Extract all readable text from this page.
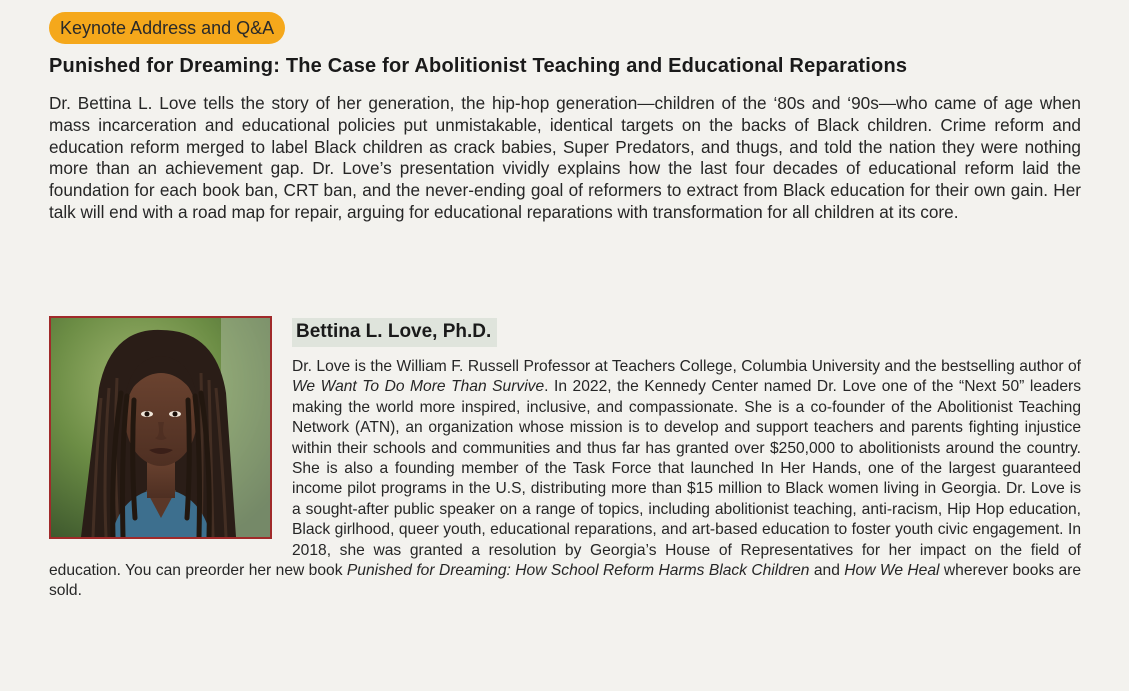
Keynote Address and Q&A
Punished for Dreaming: The Case for Abolitionist Teaching and Educational Reparations

Dr. Bettina L. Love tells the story of her generation, the hip-hop generation—children of the ‘80s and ‘90s—who came of age when mass incarceration and educational policies put unmistakable, identical targets on the backs of Black children. Crime reform and education reform merged to label Black children as crack babies, Super Predators, and thugs, and told the nation they were nothing more than an achievement gap. Dr. Love’s presentation vividly explains how the last four decades of educational reform laid the foundation for each book ban, CRT ban, and the never-ending goal of reformers to extract from Black education for their own gain. Her talk will end with a road map for repair, arguing for educational reparations with transformation for all children at its core.

Bettina L. Love, Ph.D.
Dr. Love is the William F. Russell Professor at Teachers College, Columbia University and the bestselling author of We Want To Do More Than Survive. In 2022, the Kennedy Center named Dr. Love one of the “Next 50” leaders making the world more inspired, inclusive, and compassionate. She is a co-founder of the Abolitionist Teaching Network (ATN), an organization whose mission is to develop and support teachers and parents fighting injustice within their schools and communities and thus far has granted over $250,000 to abolitionists around the country. She is also a founding member of the Task Force that launched In Her Hands, one of the largest guaranteed income pilot programs in the U.S, distributing more than $15 million to Black women living in Georgia. Dr. Love is a sought-after public speaker on a range of topics, including abolitionist teaching, anti-racism, Hip Hop education, Black girlhood, queer youth, educational reparations, and art-based education to foster youth civic engagement. In 2018, she was granted a resolution by Georgia’s House of Representatives for her impact on the field of education. You can preorder her new book Punished for Dreaming: How School Reform Harms Black Children and How We Heal wherever books are sold.
